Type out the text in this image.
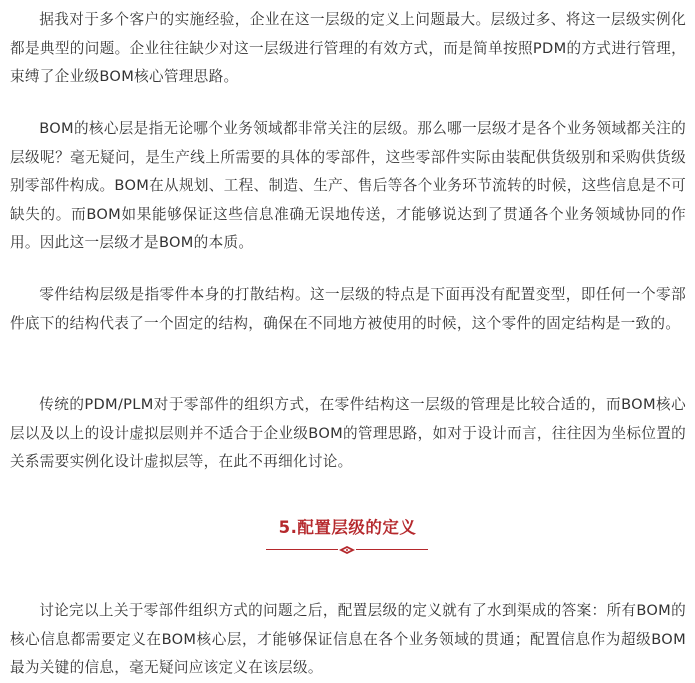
据我对于多个客户的实施经验，企业在这一层级的定义上问题最大。层级过多、将这一层级实例化都是典型的问题。企业往往缺少对这一层级进行管理的有效方式，而是简单按照PDM的方式进行管理，束缚了企业级BOM核心管理思路。

BOM的核心层是指无论哪个业务领域都非常关注的层级。那么哪一层级才是各个业务领域都关注的层级呢？毫无疑问，是生产线上所需要的具体的零部件，这些零部件实际由装配供货级别和采购供货级别零部件构成。BOM在从规划、工程、制造、生产、售后等各个业务环节流转的时候，这些信息是不可缺失的。而BOM如果能够保证这些信息准确无误地传送，才能够说达到了贯通各个业务领域协同的作用。因此这一层级才是BOM的本质。

零件结构层级是指零件本身的打散结构。这一层级的特点是下面再没有配置变型，即任何一个零部件底下的结构代表了一个固定的结构，确保在不同地方被使用的时候，这个零件的固定结构是一致的。

传统的PDM/PLM对于零部件的组织方式，在零件结构这一层级的管理是比较合适的，而BOM核心层以及以上的设计虚拟层则并不适合于企业级BOM的管理思路，如对于设计而言，往往因为坐标位置的关系需要实例化设计虚拟层等，在此不再细化讨论。

5.配置层级的定义

讨论完以上关于零部件组织方式的问题之后，配置层级的定义就有了水到渠成的答案：所有BOM的核心信息都需要定义在BOM核心层，才能够保证信息在各个业务领域的贯通；配置信息作为超级BOM最为关键的信息，毫无疑问应该定义在该层级。
